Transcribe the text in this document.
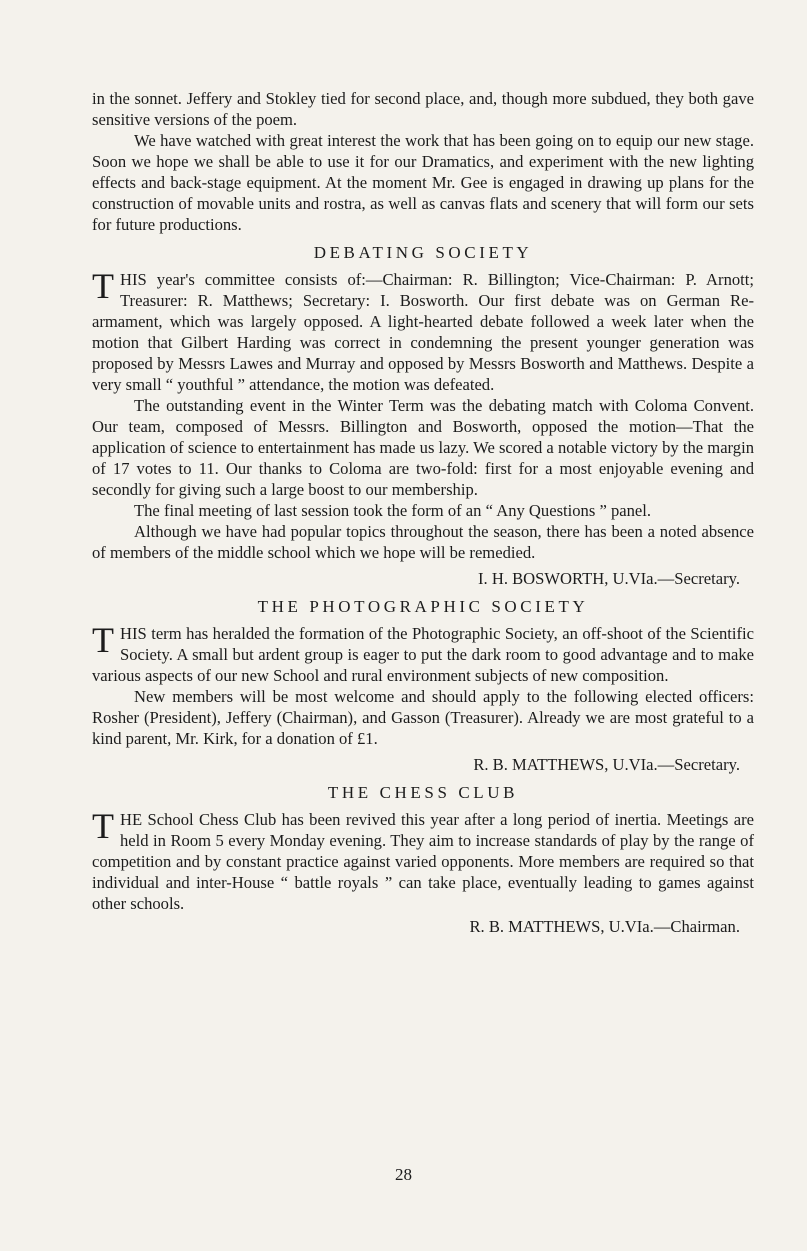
in the sonnet. Jeffery and Stokley tied for second place, and, though more subdued, they both gave sensitive versions of the poem.

We have watched with great interest the work that has been going on to equip our new stage. Soon we hope we shall be able to use it for our Dramatics, and experiment with the new lighting effects and back-stage equipment. At the moment Mr. Gee is engaged in drawing up plans for the construction of movable units and rostra, as well as canvas flats and scenery that will form our sets for future productions.

DEBATING SOCIETY

THIS year's committee consists of:—Chairman: R. Billington; Vice-Chairman: P. Arnott; Treasurer: R. Matthews; Secretary: I. Bosworth. Our first debate was on German Re-armament, which was largely opposed. A light-hearted debate followed a week later when the motion that Gilbert Harding was correct in condemning the present younger generation was proposed by Messrs Lawes and Murray and opposed by Messrs Bosworth and Matthews. Despite a very small “ youthful ” attendance, the motion was defeated.

The outstanding event in the Winter Term was the debating match with Coloma Convent. Our team, composed of Messrs. Billington and Bosworth, opposed the motion—That the application of science to entertainment has made us lazy. We scored a notable victory by the margin of 17 votes to 11. Our thanks to Coloma are two-fold: first for a most enjoyable evening and secondly for giving such a large boost to our membership.

The final meeting of last session took the form of an “ Any Questions ” panel.

Although we have had popular topics throughout the season, there has been a noted absence of members of the middle school which we hope will be remedied.

I. H. BOSWORTH, U.VIa.—Secretary.
THE PHOTOGRAPHIC SOCIETY

THIS term has heralded the formation of the Photographic Society, an off-shoot of the Scientific Society. A small but ardent group is eager to put the dark room to good advantage and to make various aspects of our new School and rural environment subjects of new composition.

New members will be most welcome and should apply to the following elected officers: Rosher (President), Jeffery (Chairman), and Gasson (Treasurer). Already we are most grateful to a kind parent, Mr. Kirk, for a donation of £1.

R. B. MATTHEWS, U.VIa.—Secretary.
THE CHESS CLUB

THE School Chess Club has been revived this year after a long period of inertia. Meetings are held in Room 5 every Monday evening. They aim to increase standards of play by the range of competition and by constant practice against varied opponents. More members are required so that individual and inter-House “ battle royals ” can take place, eventually leading to games against other schools.

R. B. MATTHEWS, U.VIa.—Chairman.
28
